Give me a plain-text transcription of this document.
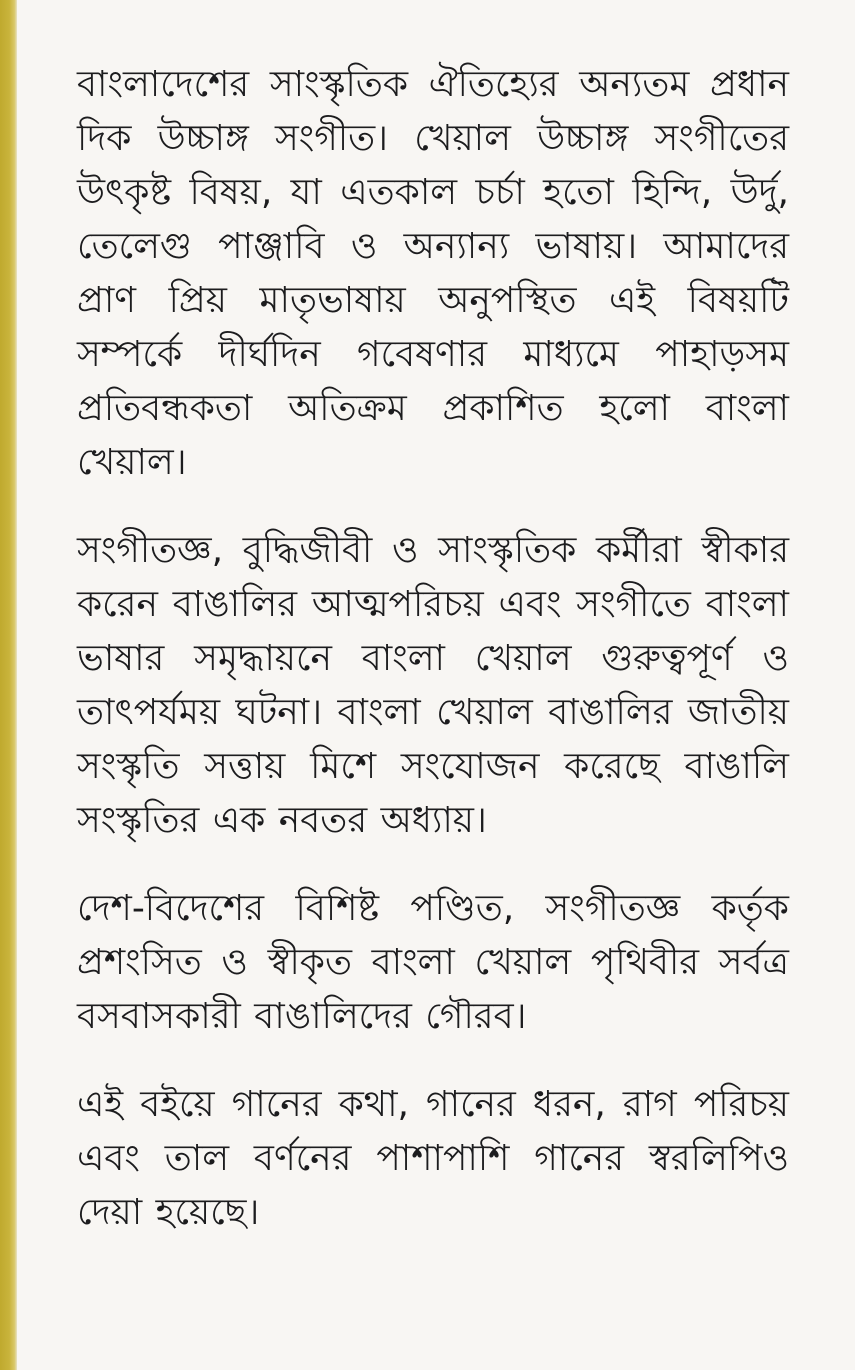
বাংলাদেশের সাংস্কৃতিক ঐতিহ্যের অন্যতম প্রধান দিক উচ্চাঙ্গ সংগীত। খেয়াল উচ্চাঙ্গ সংগীতের উৎকৃষ্ট বিষয়, যা এতকাল চর্চা হতো হিন্দি, উর্দু, তেলেগু পাঞ্জাবি ও অন্যান্য ভাষায়। আমাদের প্রাণ প্রিয় মাতৃভাষায় অনুপস্থিত এই বিষয়টি সম্পর্কে দীর্ঘদিন গবেষণার মাধ্যমে পাহাড়সম প্রতিবন্ধকতা অতিক্রম প্রকাশিত হলো বাংলা খেয়াল।

সংগীতজ্ঞ, বুদ্ধিজীবী ও সাংস্কৃতিক কর্মীরা স্বীকার করেন বাঙালির আত্মপরিচয় এবং সংগীতে বাংলা ভাষার সমৃদ্ধায়নে বাংলা খেয়াল গুরুত্বপূর্ণ ও তাৎপর্যময় ঘটনা। বাংলা খেয়াল বাঙালির জাতীয় সংস্কৃতি সত্তায় মিশে সংযোজন করেছে বাঙালি সংস্কৃতির এক নবতর অধ্যায়।

দেশ-বিদেশের বিশিষ্ট পণ্ডিত, সংগীতজ্ঞ কর্তৃক প্রশংসিত ও স্বীকৃত বাংলা খেয়াল পৃথিবীর সর্বত্র বসবাসকারী বাঙালিদের গৌরব।

এই বইয়ে গানের কথা, গানের ধরন, রাগ পরিচয় এবং তাল বর্ণনের পাশাপাশি গানের স্বরলিপিও দেয়া হয়েছে।
